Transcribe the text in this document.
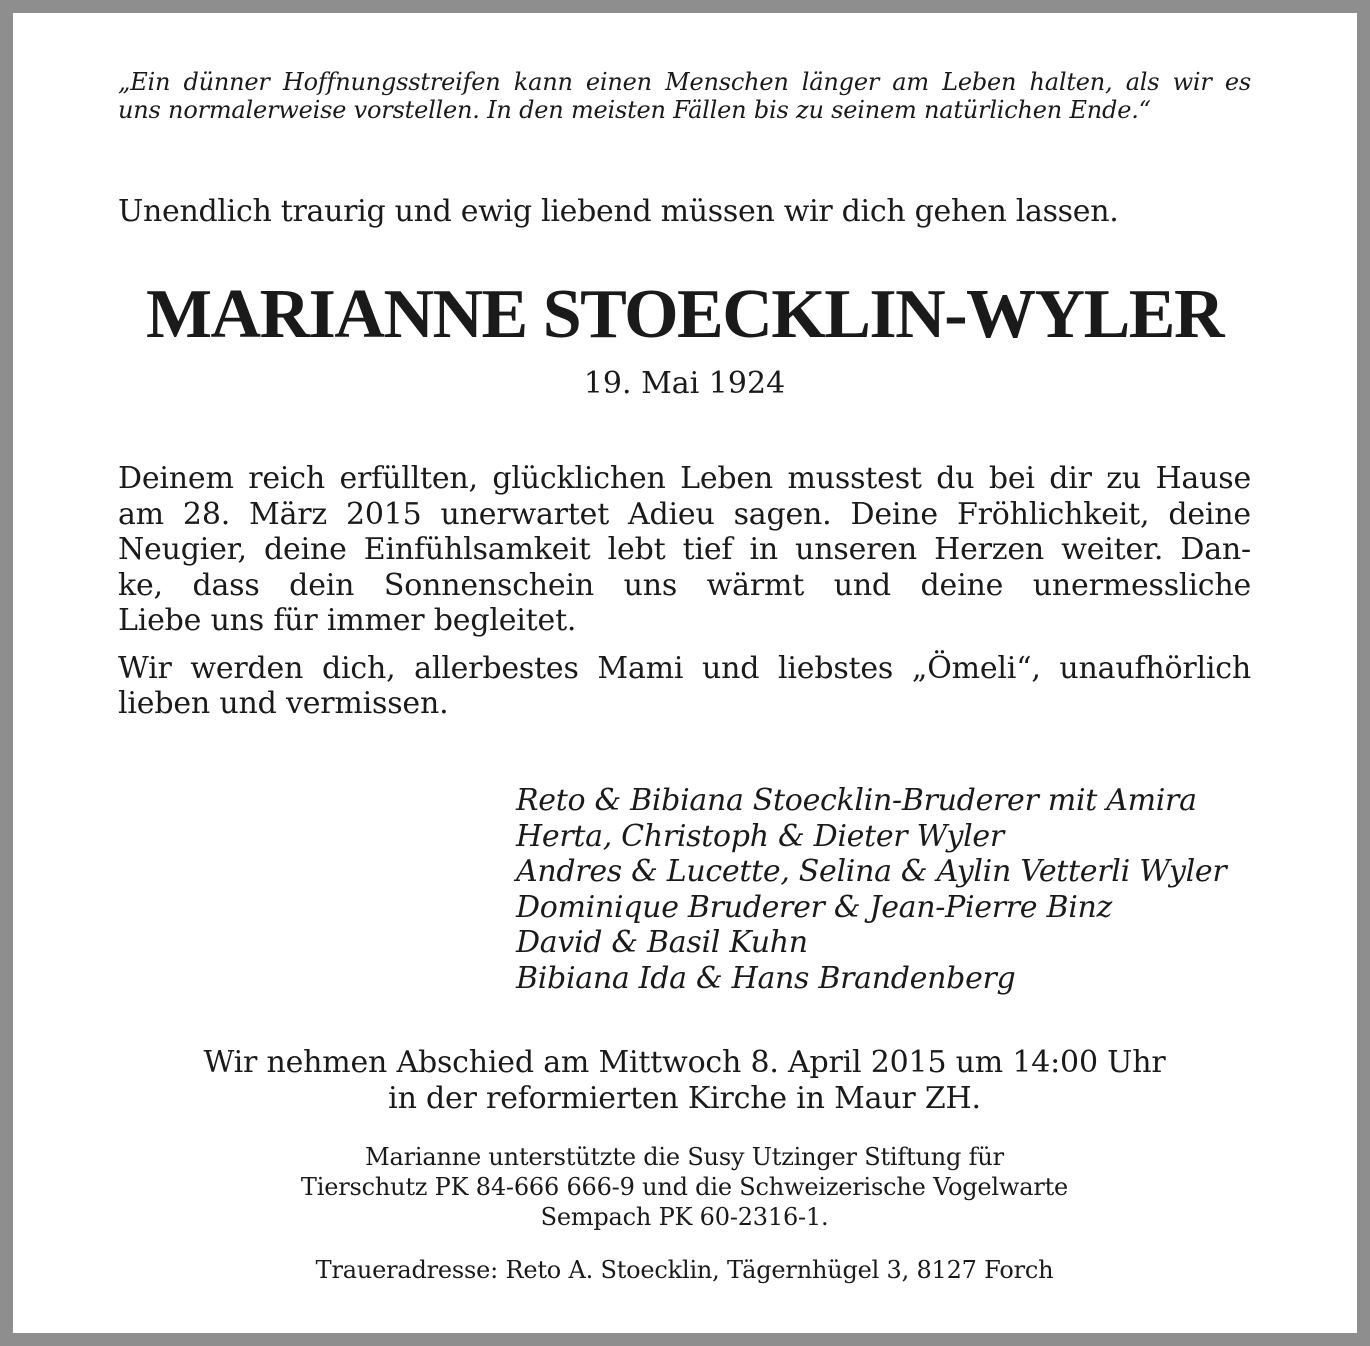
„Ein dünner Hoffnungsstreifen kann einen Menschen länger am Leben halten, als wir es
uns normalerweise vorstellen. In den meisten Fällen bis zu seinem natürlichen Ende.“
Unendlich traurig und ewig liebend müssen wir dich gehen lassen.
MARIANNE STOECKLIN-WYLER
19. Mai 1924
Deinem reich erfüllten, glücklichen Leben musstest du bei dir zu Hause
am 28. März 2015 unerwartet Adieu sagen. Deine Fröhlichkeit, deine
Neugier, deine Einfühlsamkeit lebt tief in unseren Herzen weiter. Dan-
ke, dass dein Sonnenschein uns wärmt und deine unermessliche
Liebe uns für immer begleitet.
Wir werden dich, allerbestes Mami und liebstes „Ömeli“, unaufhörlich
lieben und vermissen.
Reto & Bibiana Stoecklin-Bruderer mit Amira
Herta, Christoph & Dieter Wyler
Andres & Lucette, Selina & Aylin Vetterli Wyler
Dominique Bruderer & Jean-Pierre Binz
David & Basil Kuhn
Bibiana Ida & Hans Brandenberg
Wir nehmen Abschied am Mittwoch 8. April 2015 um 14:00 Uhr
in der reformierten Kirche in Maur ZH.
Marianne unterstützte die Susy Utzinger Stiftung für
Tierschutz PK 84-666 666-9 und die Schweizerische Vogelwarte
Sempach PK 60-2316-1.
Traueradresse: Reto A. Stoecklin, Tägernhügel 3, 8127 Forch
